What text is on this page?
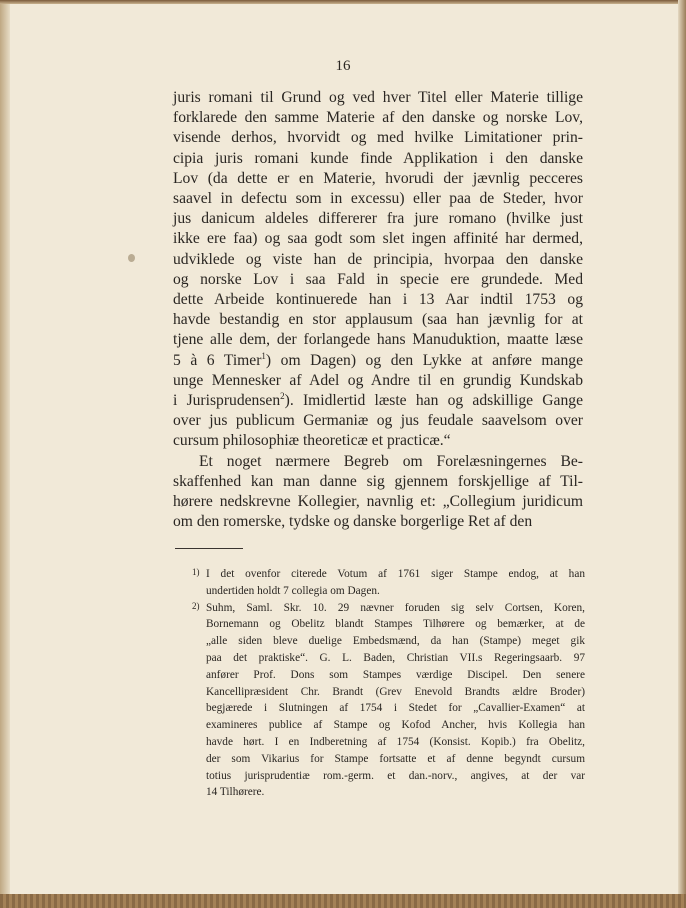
16
juris romani til Grund og ved hver Titel eller Materie tillige
forklarede den samme Materie af den danske og norske Lov,
visende derhos, hvorvidt og med hvilke Limitationer prin-
cipia juris romani kunde finde Applikation i den danske
Lov (da dette er en Materie, hvorudi der jævnlig pecceres
saavel in defectu som in excessu) eller paa de Steder, hvor
jus danicum aldeles differerer fra jure romano (hvilke just
ikke ere faa) og saa godt som slet ingen affinité har dermed,
udviklede og viste han de principia, hvorpaa den danske
og norske Lov i saa Fald in specie ere grundede. Med
dette Arbeide kontinuerede han i 13 Aar indtil 1753 og
havde bestandig en stor applausum (saa han jævnlig for at
tjene alle dem, der forlangede hans Manuduktion, maatte læse
5 à 6 Timer$^1$) om Dagen) og den Lykke at anføre mange
unge Mennesker af Adel og Andre til en grundig Kundskab
i Jurisprudensen$^2$). Imidlertid læste han og adskillige Gange
over jus publicum Germaniæ og jus feudale saavelsom over
cursum philosophiæ theoreticæ et practicæ.“
Et noget nærmere Begreb om Forelæsningernes Be-
skaffenhed kan man danne sig gjennem forskjellige af Til-
hørere nedskrevne Kollegier, navnlig et: „Collegium juridicum
om den romerske, tydske og danske borgerlige Ret af den
1) I det ovenfor citerede Votum af 1761 siger Stampe endog, at han
undertiden holdt 7 collegia om Dagen.
2) Suhm, Saml. Skr. 10. 29 nævner foruden sig selv Cortsen, Koren,
Bornemann og Obelitz blandt Stampes Tilhørere og bemærker, at de
„alle siden bleve duelige Embedsmænd, da han (Stampe) meget gik
paa det praktiske“. G. L. Baden, Christian VII.s Regeringsaarb. 97
anfører Prof. Dons som Stampes værdige Discipel. Den senere
Kancellipræsident Chr. Brandt (Grev Enevold Brandts ældre Broder)
begjærede i Slutningen af 1754 i Stedet for „Cavallier-Examen“ at
examineres publice af Stampe og Kofod Ancher, hvis Kollegia han
havde hørt. I en Indberetning af 1754 (Konsist. Kopib.) fra Obelitz,
der som Vikarius for Stampe fortsatte et af denne begyndt cursum
totius jurisprudentiæ rom.-germ. et dan.-norv., angives, at der var
14 Tilhørere.
